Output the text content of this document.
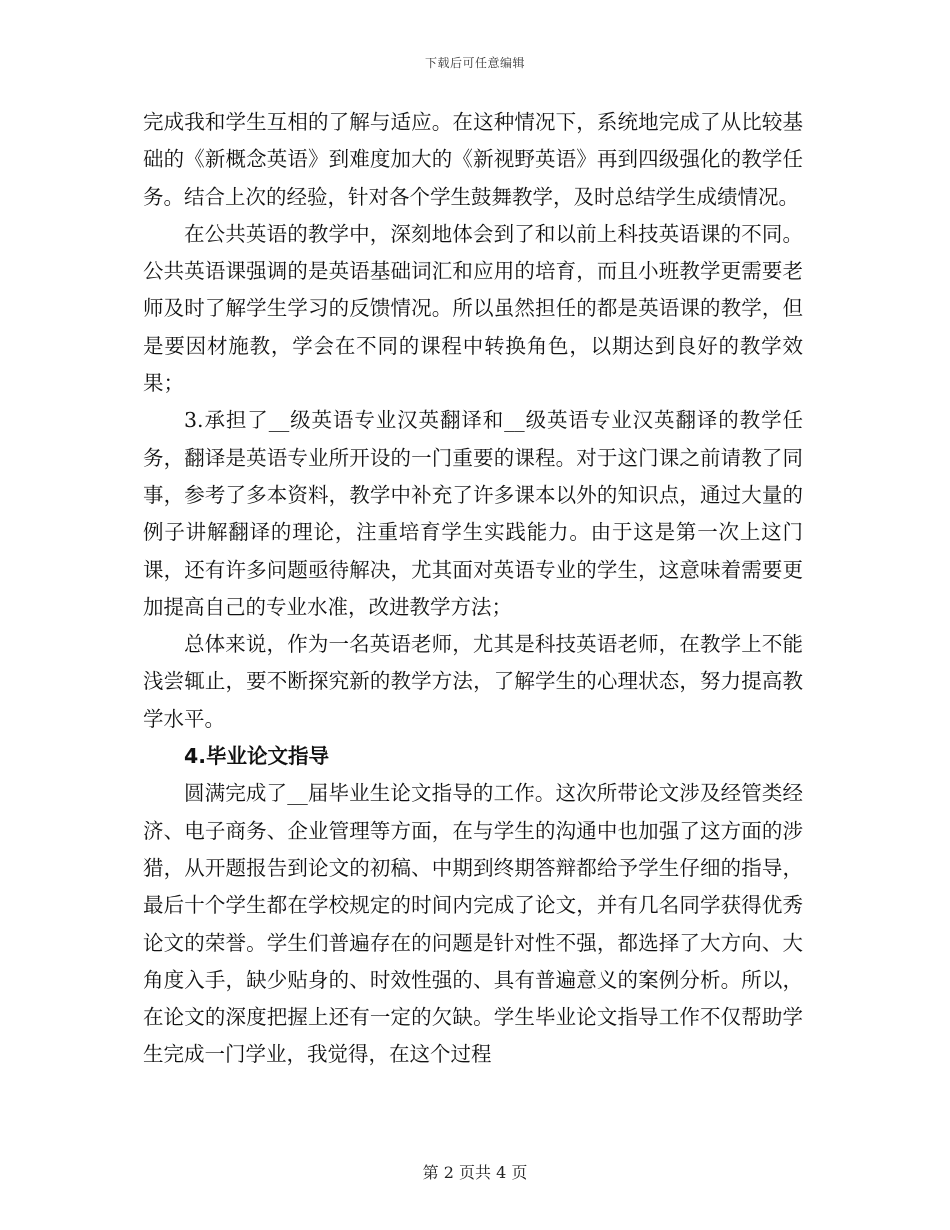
下载后可任意编辑

完成我和学生互相的了解与适应。在这种情况下，系统地完成了从比较基础的《新概念英语》到难度加大的《新视野英语》再到四级强化的教学任务。结合上次的经验，针对各个学生鼓舞教学，及时总结学生成绩情况。

在公共英语的教学中，深刻地体会到了和以前上科技英语课的不同。公共英语课强调的是英语基础词汇和应用的培育，而且小班教学更需要老师及时了解学生学习的反馈情况。所以虽然担任的都是英语课的教学，但是要因材施教，学会在不同的课程中转换角色，以期达到良好的教学效果；

3.承担了__级英语专业汉英翻译和__级英语专业汉英翻译的教学任务，翻译是英语专业所开设的一门重要的课程。对于这门课之前请教了同事，参考了多本资料，教学中补充了许多课本以外的知识点，通过大量的例子讲解翻译的理论，注重培育学生实践能力。由于这是第一次上这门课，还有许多问题亟待解决，尤其面对英语专业的学生，这意味着需要更加提高自己的专业水准，改进教学方法；

总体来说，作为一名英语老师，尤其是科技英语老师，在教学上不能浅尝辄止，要不断探究新的教学方法，了解学生的心理状态，努力提高教学水平。

4.毕业论文指导

圆满完成了__届毕业生论文指导的工作。这次所带论文涉及经管类经济、电子商务、企业管理等方面，在与学生的沟通中也加强了这方面的涉猎，从开题报告到论文的初稿、中期到终期答辩都给予学生仔细的指导，最后十个学生都在学校规定的时间内完成了论文，并有几名同学获得优秀论文的荣誉。学生们普遍存在的问题是针对性不强，都选择了大方向、大角度入手，缺少贴身的、时效性强的、具有普遍意义的案例分析。所以，在论文的深度把握上还有一定的欠缺。学生毕业论文指导工作不仅帮助学生完成一门学业，我觉得，在这个过程

第 2 页共 4 页
